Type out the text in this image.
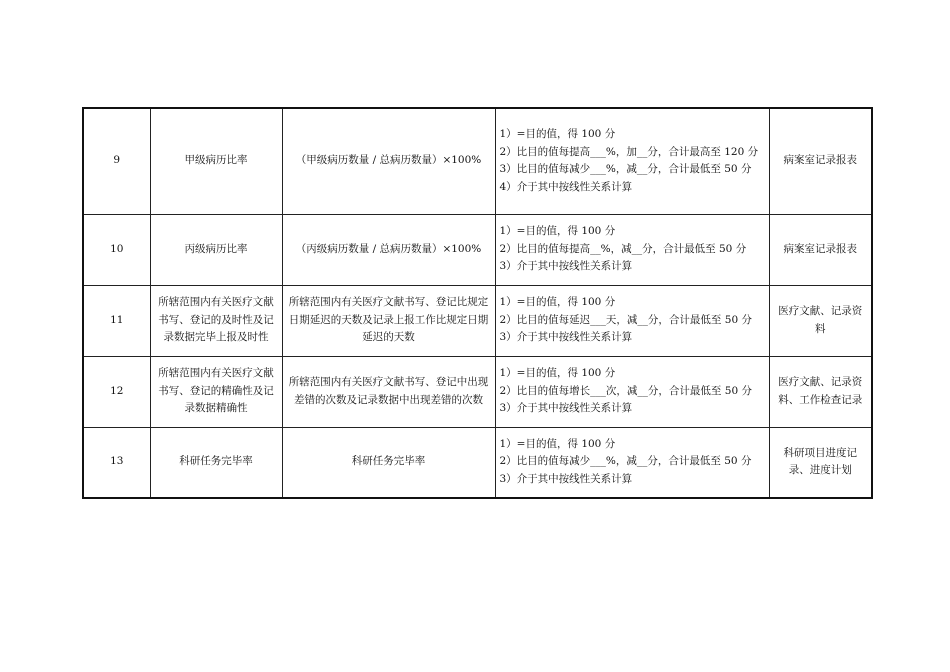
9	甲级病历比率	（甲级病历数量 / 总病历数量）×100%	1）=目的值，得 100 分
2）比目的值每提高___%，加__分，合计最高至 120 分
3）比目的值每减少___%，减__分，合计最低至 50 分
4）介于其中按线性关系计算	病案室记录报表
10	丙级病历比率	（丙级病历数量 / 总病历数量）×100%	1）=目的值，得 100 分
2）比目的值每提高__%，减__分，合计最低至 50 分
3）介于其中按线性关系计算	病案室记录报表
11	所辖范围内有关医疗文献书写、登记的及时性及记录数据完毕上报及时性	所辖范围内有关医疗文献书写、登记比规定日期延迟的天数及记录上报工作比规定日期延迟的天数	1）=目的值，得 100 分
2）比目的值每延迟___天，减__分，合计最低至 50 分
3）介于其中按线性关系计算	医疗文献、记录资料
12	所辖范围内有关医疗文献书写、登记的精确性及记录数据精确性	所辖范围内有关医疗文献书写、登记中出现差错的次数及记录数据中出现差错的次数	1）=目的值，得 100 分
2）比目的值每增长___次，减__分，合计最低至 50 分
3）介于其中按线性关系计算	医疗文献、记录资料、工作检查记录
13	科研任务完毕率	科研任务完毕率	1）=目的值，得 100 分
2）比目的值每减少___%，减__分，合计最低至 50 分
3）介于其中按线性关系计算	科研项目进度记录、进度计划
